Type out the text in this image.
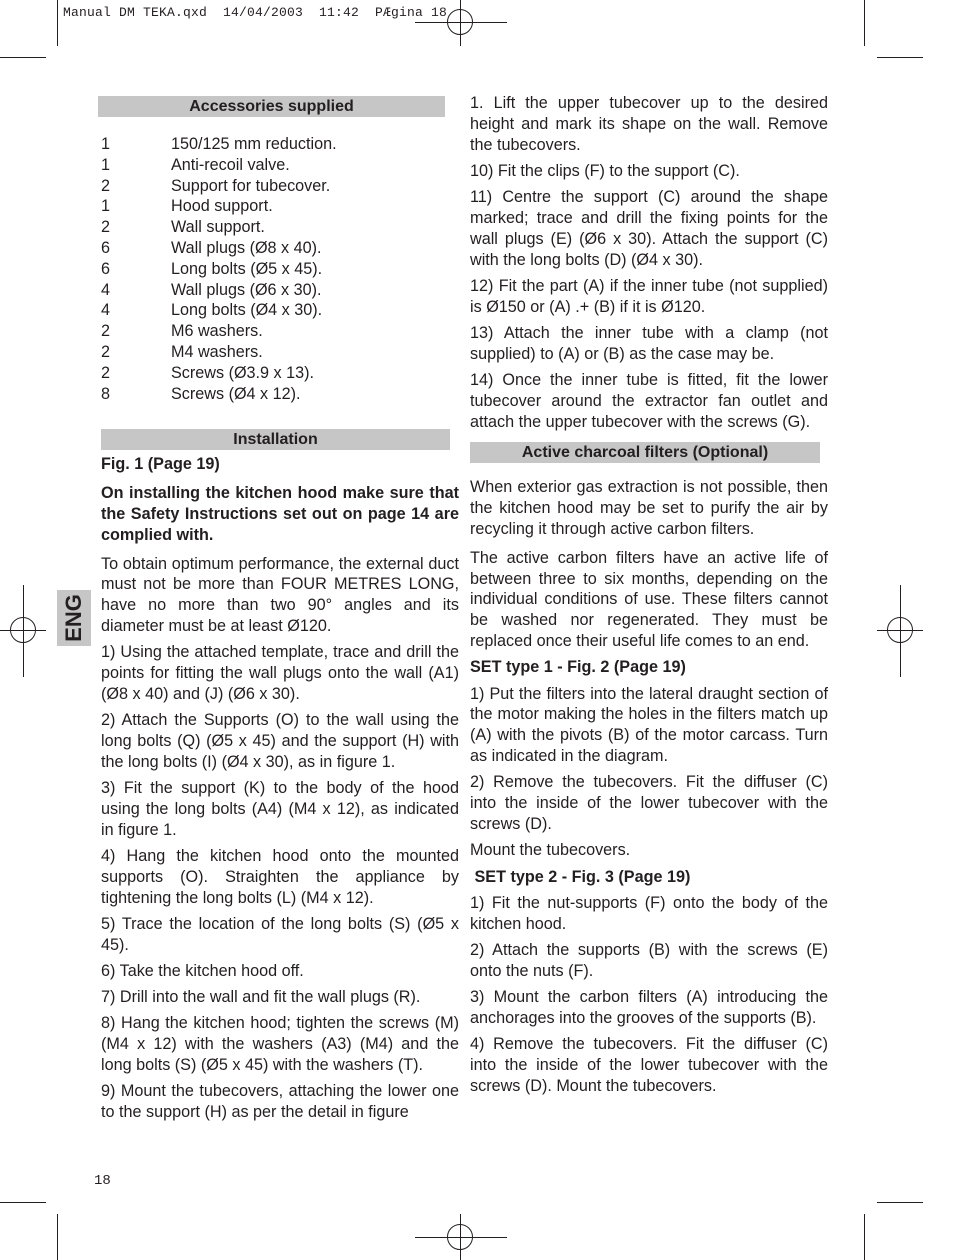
Manual DM TEKA.qxd  14/04/2003  11:42  PÆgina 18
ENG
Accessories supplied
1	150/125 mm reduction.
1	Anti-recoil valve.
2	Support for tubecover.
1	Hood support.
2	Wall support.
6	Wall plugs (Ø8 x 40).
6	Long bolts (Ø5 x 45).
4	Wall plugs (Ø6 x 30).
4	Long bolts (Ø4 x 30).
2	M6 washers.
2	M4 washers.
2	Screws (Ø3.9 x 13).
8	Screws (Ø4 x 12).
Installation

Fig. 1 (Page 19)

On installing the kitchen hood make sure that the Safety Instructions set out on page 14 are complied with.

To obtain optimum performance, the external duct must not be more than FOUR METRES LONG, have no more than two 90° angles and its diameter must be at least Ø120.

1) Using the attached template, trace and drill the points for fitting the wall plugs onto the wall (A1) (Ø8 x 40) and (J) (Ø6 x 30).

2) Attach the Supports (O) to the wall using the long bolts (Q) (Ø5 x 45) and the support (H) with the long bolts (I) (Ø4 x 30), as in figure 1.

3) Fit the support (K) to the body of the hood using the long bolts (A4) (M4 x 12), as indicated in figure 1.

4) Hang the kitchen hood onto the mounted supports (O). Straighten the appliance by tightening the long bolts (L) (M4 x 12).

5) Trace the location of the long bolts (S) (Ø5 x 45).

6) Take the kitchen hood off.

7) Drill into the wall and fit the wall plugs (R).

8) Hang the kitchen hood; tighten the screws (M) (M4 x 12) with the washers (A3) (M4) and the long bolts (S) (Ø5 x 45) with the washers (T).

9) Mount the tubecovers, attaching the lower one to the support (H) as per the detail in figure

1. Lift the upper tubecover up to the desired height and mark its shape on the wall. Remove the tubecovers.

10) Fit the clips (F) to the support (C).

11) Centre the support (C) around the shape marked; trace and drill the fixing points for the wall plugs (E) (Ø6 x 30). Attach the support (C) with the long bolts (D) (Ø4 x 30).

12) Fit the part (A) if the inner tube (not supplied) is Ø150 or (A) .+ (B) if it is Ø120.

13) Attach the inner tube with a clamp (not supplied) to (A) or (B) as the case may be.

14) Once the inner tube is fitted, fit the lower tubecover around the extractor fan outlet and attach the upper tubecover with the screws (G).

Active charcoal filters (Optional)

When exterior gas extraction is not possible, then the kitchen hood may be set to purify the air by recycling it through active carbon filters.

The active carbon filters have an active life of between three to six months, depending on the individual conditions of use. These filters cannot be washed nor regenerated. They must be replaced once their useful life comes to an end.

SET type 1 - Fig. 2 (Page 19)

1) Put the filters into the lateral draught section of the motor making the holes in the filters match up (A) with the pivots (B) of the motor carcass. Turn as indicated in the diagram.

2) Remove the tubecovers. Fit the diffuser (C) into the inside of the lower tubecover with the screws (D).

Mount the tubecovers.

SET type 2 - Fig. 3 (Page 19)

1) Fit the nut-supports (F) onto the body of the kitchen hood.

2) Attach the supports (B) with the screws (E) onto the nuts (F).

3) Mount the carbon filters (A) introducing the anchorages into the grooves of the supports (B).

4) Remove the tubecovers. Fit the diffuser (C) into the inside of the lower tubecover with the screws (D). Mount the tubecovers.

18
